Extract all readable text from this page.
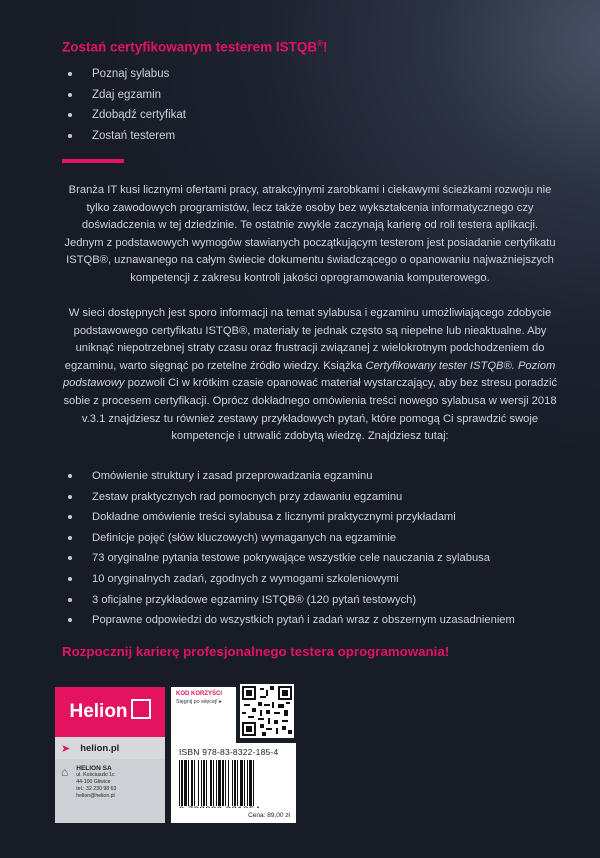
Zostań certyfikowanym testerem ISTQB®!
Poznaj sylabus
Zdaj egzamin
Zdobądź certyfikat
Zostań testerem

Branża IT kusi licznymi ofertami pracy, atrakcyjnymi zarobkami i ciekawymi ścieżkami rozwoju nie tylko zawodowych programistów, lecz także osoby bez wykształcenia informatycznego czy doświadczenia w tej dziedzinie. Te ostatnie zwykle zaczynają karierę od roli testera aplikacji. Jednym z podstawowych wymogów stawianych początkującym testerom jest posiadanie certyfikatu ISTQB®, uznawanego na całym świecie dokumentu świadczącego o opanowaniu najważniejszych kompetencji z zakresu kontroli jakości oprogramowania komputerowego.

W sieci dostępnych jest sporo informacji na temat sylabusa i egzaminu umożliwiającego zdobycie podstawowego certyfikatu ISTQB®, materiały te jednak często są niepełne lub nieaktualne. Aby uniknąć niepotrzebnej straty czasu oraz frustracji związanej z wielokrotnym podchodzeniem do egzaminu, warto sięgnąć po rzetelne źródło wiedzy. Książka Certyfikowany tester ISTQB®. Poziom podstawowy pozwoli Ci w krótkim czasie opanować materiał wystarczający, aby bez stresu poradzić sobie z procesem certyfikacji. Oprócz dokładnego omówienia treści nowego sylabusa w wersji 2018 v.3.1 znajdziesz tu również zestawy przykładowych pytań, które pomogą Ci sprawdzić swoje kompetencje i utrwalić zdobytą wiedzę. Znajdziesz tutaj:

Omówienie struktury i zasad przeprowadzania egzaminu
Zestaw praktycznych rad pomocnych przy zdawaniu egzaminu
Dokładne omówienie treści sylabusa z licznymi praktycznymi przykładami
Definicje pojęć (słów kluczowych) wymaganych na egzaminie
73 oryginalne pytania testowe pokrywające wszystkie cele nauczania z sylabusa
10 oryginalnych zadań, zgodnych z wymogami szkoleniowymi
3 oficjalne przykładowe egzaminy ISTQB® (120 pytań testowych)
Poprawne odpowiedzi do wszystkich pytań i zadań wraz z obszernym uzasadnieniem
Rozpocznij karierę profesjonalnego testera oprogramowania!
Helion
➤ helion.pl
⌂ HELION SA
ul. Kościuszki 1c
44-100 Gliwice
tel.: 32 230 98 63
helion@helion.pl
KOD KORZYŚCI
Sięgnij po więcej! ▸
ISBN 978-83-8322-185-4
Cena: 89,00 zł
